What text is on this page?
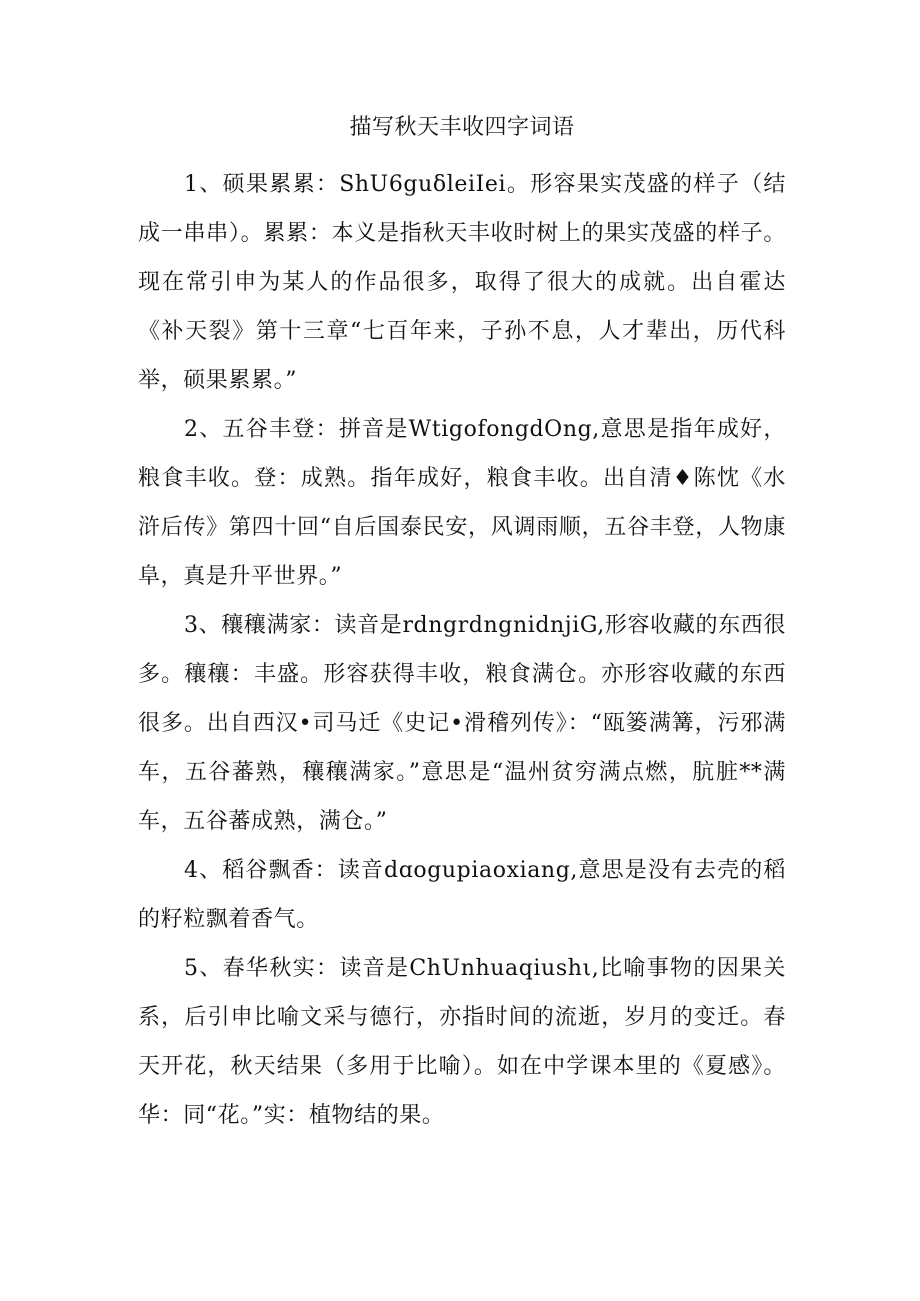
描写秋天丰收四字词语

1、硕果累累：ShU6guδleiIei。形容果实茂盛的样子（结成一串串）。累累：本义是指秋天丰收时树上的果实茂盛的样子。现在常引申为某人的作品很多，取得了很大的成就。出自霍达《补天裂》第十三章“七百年来，子孙不息，人才辈出，历代科举，硕果累累。”

2、五谷丰登：拼音是WtigofongdOng,意思是指年成好，粮食丰收。登：成熟。指年成好，粮食丰收。出自清♦陈忱《水浒后传》第四十回“自后国泰民安，风调雨顺，五谷丰登，人物康阜，真是升平世界。”

3、穰穰满家：读音是rdngrdngnidnjiG,形容收藏的东西很多。穰穰：丰盛。形容获得丰收，粮食满仓。亦形容收藏的东西很多。出自西汉•司马迁《史记•滑稽列传》：“瓯篓满篝，污邪满车，五谷蕃熟，穰穰满家。”意思是“温州贫穷满点燃，肮脏**满车，五谷蕃成熟，满仓。”

4、稻谷飘香：读音dɑogupiaoxiang,意思是没有去壳的稻的籽粒飘着香气。

5、春华秋实：读音是ChUnhuaqiushι,比喻事物的因果关系，后引申比喻文采与德行，亦指时间的流逝，岁月的变迁。春天开花，秋天结果（多用于比喻）。如在中学课本里的《夏感》。华：同“花。”实：植物结的果。
